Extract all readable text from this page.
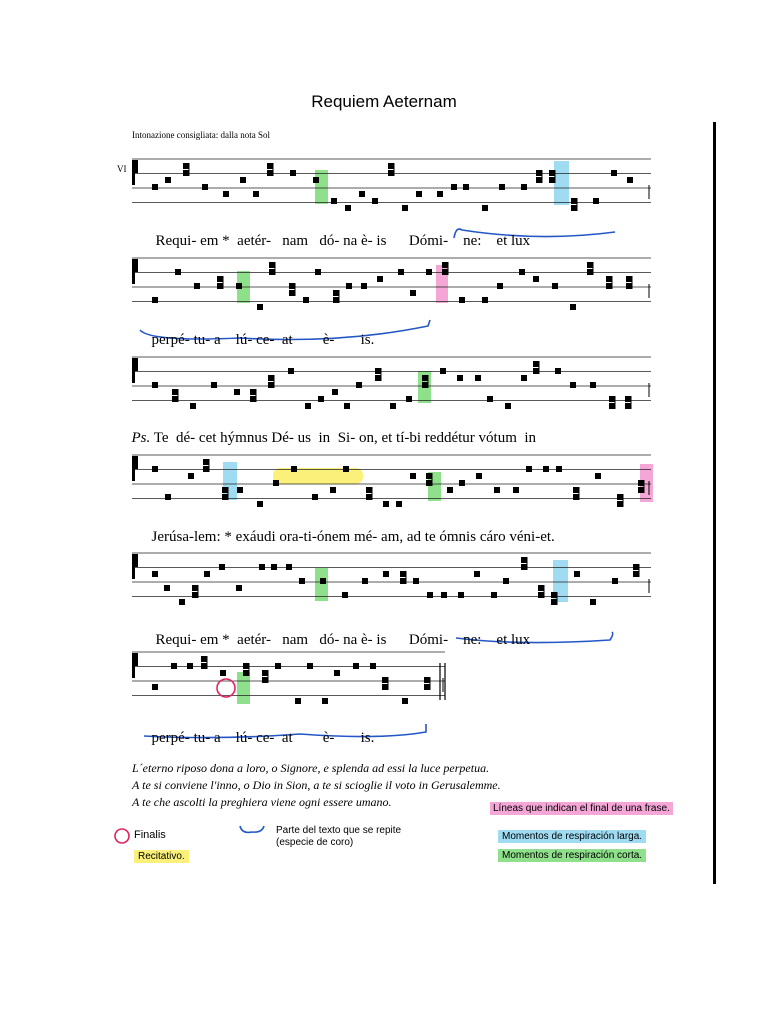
Requiem Aeternam
Intonazione consigliata: dalla nota Sol
VI

Requi- em * aetér- nam dó- na è- is Dómi- ne: et lux

perpé- tu- a lú- ce- at è- is.

Ps. Te dé- cet hýmnus Dé- us in Si- on, et tí-bi reddétur vótum in

Jerúsa-lem: * exáudi ora-ti-ónem mé- am, ad te ómnis cáro véni-et.

Requi- em * aetér- nam dó- na è- is Dómi- ne: et lux

perpé- tu- a lú- ce- at è- is.

L´eterno riposo dona a loro, o Signore, e splenda ad essi la luce perpetua.
A te si conviene l'inno, o Dio in Sion, a te si scioglie il voto in Gerusalemme.
A te che ascolti la preghiera viene ogni essere umano.
Finalis
Recitativo.
Parte del texto que se repite (especie de coro)
Líneas que indican el final de una frase.
Momentos de respiración larga.
Momentos de respiración corta.
